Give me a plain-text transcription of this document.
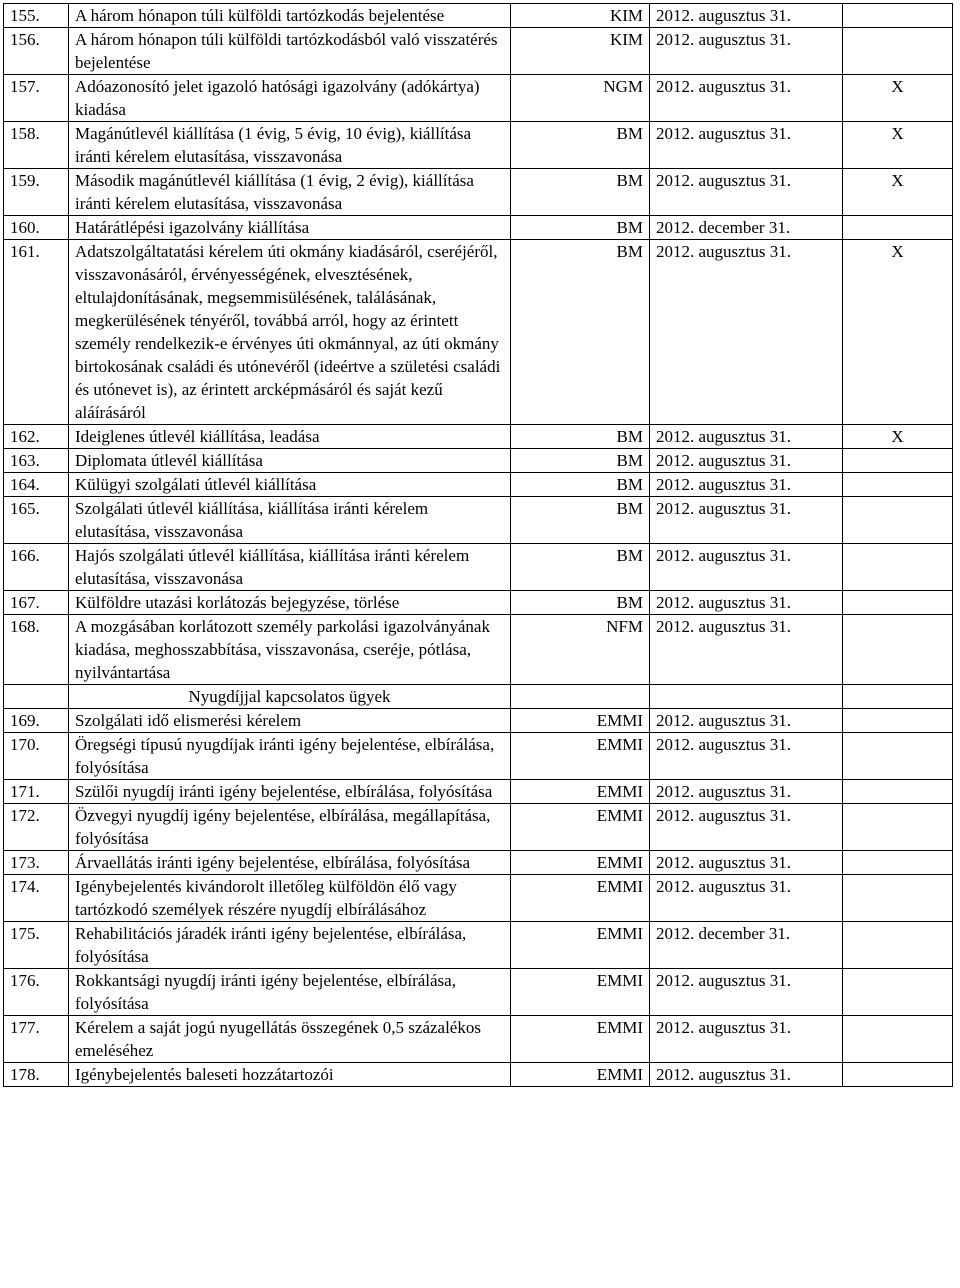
155.	A három hónapon túli külföldi tartózkodás bejelentése	KIM	2012. augusztus 31.	
156.	A három hónapon túli külföldi tartózkodásból való visszatérés bejelentése	KIM	2012. augusztus 31.	
157.	Adóazonosító jelet igazoló hatósági igazolvány (adókártya) kiadása	NGM	2012. augusztus 31.	X
158.	Magánútlevél kiállítása (1 évig, 5 évig, 10 évig), kiállítása iránti kérelem elutasítása, visszavonása	BM	2012. augusztus 31.	X
159.	Második magánútlevél kiállítása (1 évig, 2 évig), kiállítása iránti kérelem elutasítása, visszavonása	BM	2012. augusztus 31.	X
160.	Határátlépési igazolvány kiállítása	BM	2012. december 31.	
161.	Adatszolgáltatatási kérelem úti okmány kiadásáról, cseréjéről, visszavonásáról, érvényességének, elvesztésének, eltulajdonításának, megsemmisülésének, találásának, megkerülésének tényéről, továbbá arról, hogy az érintett személy rendelkezik-e érvényes úti okmánnyal, az úti okmány birtokosának családi és utónevéről (ideértve a születési családi és utónevet is), az érintett arcképmásáról és saját kezű aláírásáról	BM	2012. augusztus 31.	X
162.	Ideiglenes útlevél kiállítása, leadása	BM	2012. augusztus 31.	X
163.	Diplomata útlevél kiállítása	BM	2012. augusztus 31.	
164.	Külügyi szolgálati útlevél kiállítása	BM	2012. augusztus 31.	
165.	Szolgálati útlevél kiállítása, kiállítása iránti kérelem elutasítása, visszavonása	BM	2012. augusztus 31.	
166.	Hajós szolgálati útlevél kiállítása, kiállítása iránti kérelem elutasítása, visszavonása	BM	2012. augusztus 31.	
167.	Külföldre utazási korlátozás bejegyzése, törlése	BM	2012. augusztus 31.	
168.	A mozgásában korlátozott személy parkolási igazolványának kiadása, meghosszabbítása, visszavonása, cseréje, pótlása, nyilvántartása	NFM	2012. augusztus 31.	
	Nyugdíjjal kapcsolatos ügyek			
169.	Szolgálati idő elismerési kérelem	EMMI	2012. augusztus 31.	
170.	Öregségi típusú nyugdíjak iránti igény bejelentése, elbírálása, folyósítása	EMMI	2012. augusztus 31.	
171.	Szülői nyugdíj iránti igény bejelentése, elbírálása, folyósítása	EMMI	2012. augusztus 31.	
172.	Özvegyi nyugdíj igény bejelentése, elbírálása, megállapítása, folyósítása	EMMI	2012. augusztus 31.	
173.	Árvaellátás iránti igény bejelentése, elbírálása, folyósítása	EMMI	2012. augusztus 31.	
174.	Igénybejelentés kivándorolt illetőleg külföldön élő vagy tartózkodó személyek részére nyugdíj elbírálásához	EMMI	2012. augusztus 31.	
175.	Rehabilitációs járadék iránti igény bejelentése, elbírálása, folyósítása	EMMI	2012. december 31.	
176.	Rokkantsági nyugdíj iránti igény bejelentése, elbírálása, folyósítása	EMMI	2012. augusztus 31.	
177.	Kérelem a saját jogú nyugellátás összegének 0,5 százalékos emeléséhez	EMMI	2012. augusztus 31.	
178.	Igénybejelentés baleseti hozzátartozói	EMMI	2012. augusztus 31.	
